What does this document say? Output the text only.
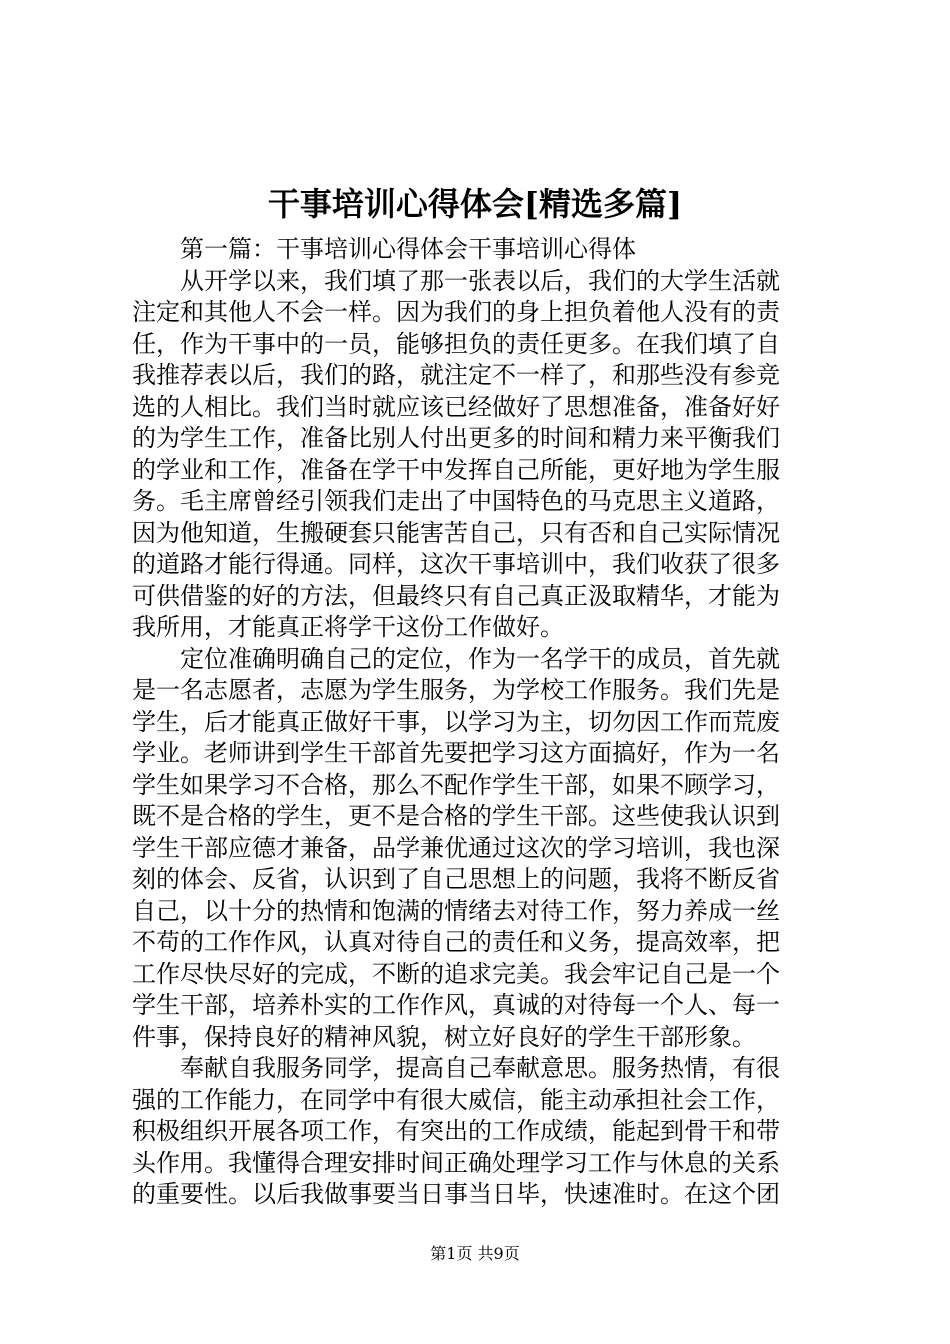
干事培训心得体会[精选多篇]
第一篇：干事培训心得体会干事培训心得体
从开学以来，我们填了那一张表以后，我们的大学生活就
注定和其他人不会一样。因为我们的身上担负着他人没有的责
任，作为干事中的一员，能够担负的责任更多。在我们填了自
我推荐表以后，我们的路，就注定不一样了，和那些没有参竞
选的人相比。我们当时就应该已经做好了思想准备，准备好好
的为学生工作，准备比别人付出更多的时间和精力来平衡我们
的学业和工作，准备在学干中发挥自己所能，更好地为学生服
务。毛主席曾经引领我们走出了中国特色的马克思主义道路，
因为他知道，生搬硬套只能害苦自己，只有否和自己实际情况
的道路才能行得通。同样，这次干事培训中，我们收获了很多
可供借鉴的好的方法，但最终只有自己真正汲取精华，才能为
我所用，才能真正将学干这份工作做好。
定位准确明确自己的定位，作为一名学干的成员，首先就
是一名志愿者，志愿为学生服务，为学校工作服务。我们先是
学生，后才能真正做好干事，以学习为主，切勿因工作而荒废
学业。老师讲到学生干部首先要把学习这方面搞好，作为一名
学生如果学习不合格，那么不配作学生干部，如果不顾学习，
既不是合格的学生，更不是合格的学生干部。这些使我认识到
学生干部应德才兼备，品学兼优通过这次的学习培训，我也深
刻的体会、反省，认识到了自己思想上的问题，我将不断反省
自己，以十分的热情和饱满的情绪去对待工作，努力养成一丝
不苟的工作作风，认真对待自己的责任和义务，提高效率，把
工作尽快尽好的完成，不断的追求完美。我会牢记自己是一个
学生干部，培养朴实的工作作风，真诚的对待每一个人、每一
件事，保持良好的精神风貌，树立好良好的学生干部形象。
奉献自我服务同学，提高自己奉献意思。服务热情，有很
强的工作能力，在同学中有很大威信，能主动承担社会工作，
积极组织开展各项工作，有突出的工作成绩，能起到骨干和带
头作用。我懂得合理安排时间正确处理学习工作与休息的关系
的重要性。以后我做事要当日事当日毕，快速准时。在这个团
第1页 共9页
